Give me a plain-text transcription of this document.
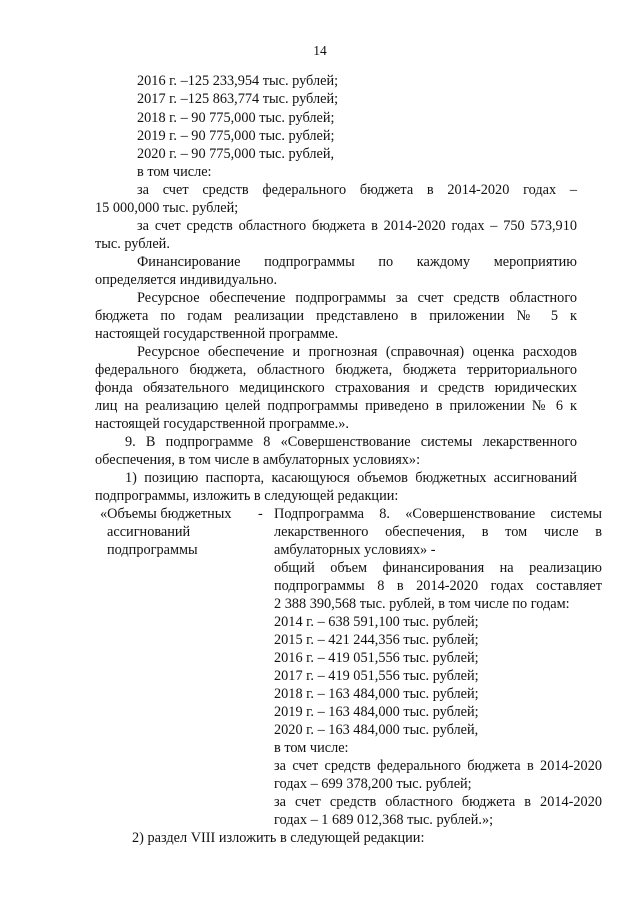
14
2016 г. –125 233,954 тыс. рублей;
2017 г. –125 863,774 тыс. рублей;
2018 г. – 90 775,000 тыс. рублей;
2019 г. – 90 775,000 тыс. рублей;
2020 г. – 90 775,000 тыс. рублей,
в том числе:
за счет средств федерального бюджета в 2014-2020 годах –
15 000,000 тыс. рублей;
за счет средств областного бюджета в 2014-2020 годах – 750 573,910
тыс. рублей.
Финансирование подпрограммы по каждому мероприятию
определяется индивидуально.
Ресурсное обеспечение подпрограммы за счет средств областного
бюджета по годам реализации представлено в приложении № 5 к
настоящей государственной программе.
Ресурсное обеспечение и прогнозная (справочная) оценка расходов
федерального бюджета, областного бюджета, бюджета территориального
фонда обязательного медицинского страхования и средств юридических
лиц на реализацию целей подпрограммы приведено в приложении № 6 к
настоящей государственной программе.».
9. В подпрограмме 8 «Совершенствование системы лекарственного
обеспечения, в том числе в амбулаторных условиях»:
1) позицию паспорта, касающуюся объемов бюджетных ассигнований
подпрограммы, изложить в следующей редакции:
«Объемы бюджетных
ассигнований
подпрограммы
- Подпрограмма 8. «Совершенствование системы
лекарственного обеспечения, в том числе в
амбулаторных условиях» -
общий объем финансирования на реализацию
подпрограммы 8 в 2014-2020 годах составляет
2 388 390,568 тыс. рублей, в том числе по годам:
2014 г. – 638 591,100 тыс. рублей;
2015 г. – 421 244,356 тыс. рублей;
2016 г. – 419 051,556 тыс. рублей;
2017 г. – 419 051,556 тыс. рублей;
2018 г. – 163 484,000 тыс. рублей;
2019 г. – 163 484,000 тыс. рублей;
2020 г. – 163 484,000 тыс. рублей,
в том числе:
за счет средств федерального бюджета в 2014-2020
годах – 699 378,200 тыс. рублей;
за счет средств областного бюджета в 2014-2020
годах – 1 689 012,368 тыс. рублей.»;
2) раздел VIII изложить в следующей редакции:
